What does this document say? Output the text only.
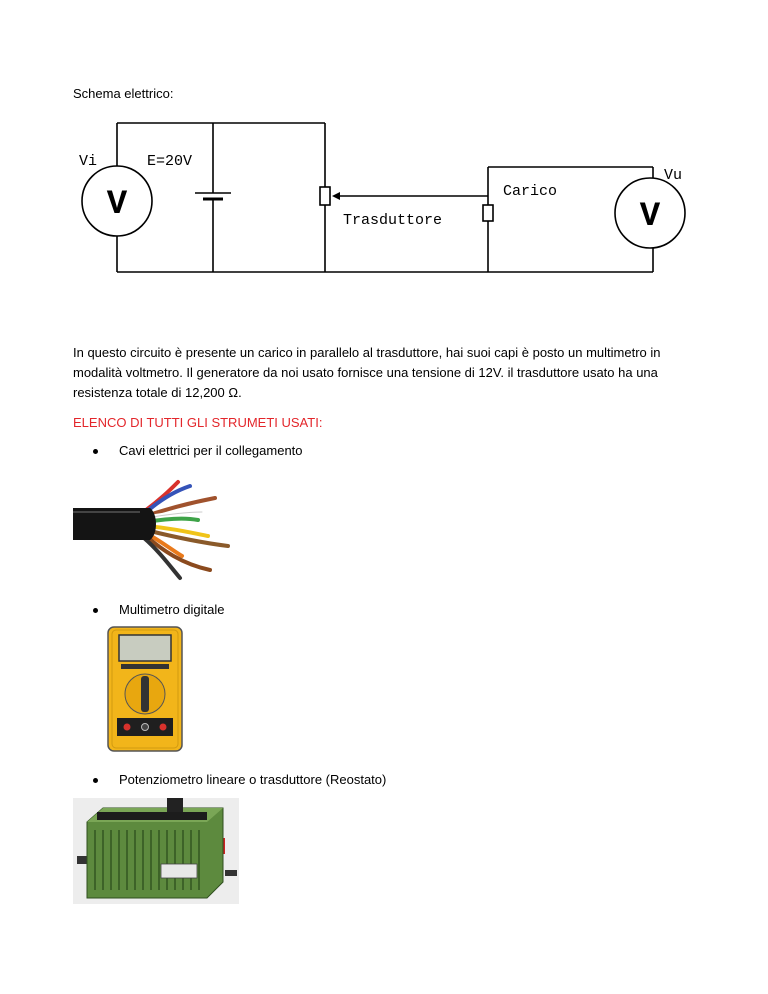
Schema elettrico:
V	V
Vi	E=20V
Vu
Carico
Trasduttore
In questo circuito è presente un carico in parallelo al trasduttore, hai suoi capi è posto un multimetro in
modalità voltmetro. Il generatore da noi usato fornisce una tensione di 12V. il trasduttore usato ha una
resistenza totale di 12,200 Ω.
ELENCO DI TUTTI GLI STRUMETI USATI:
Cavi elettrici per il collegamento
Multimetro digitale
Potenziometro lineare o trasduttore (Reostato)
